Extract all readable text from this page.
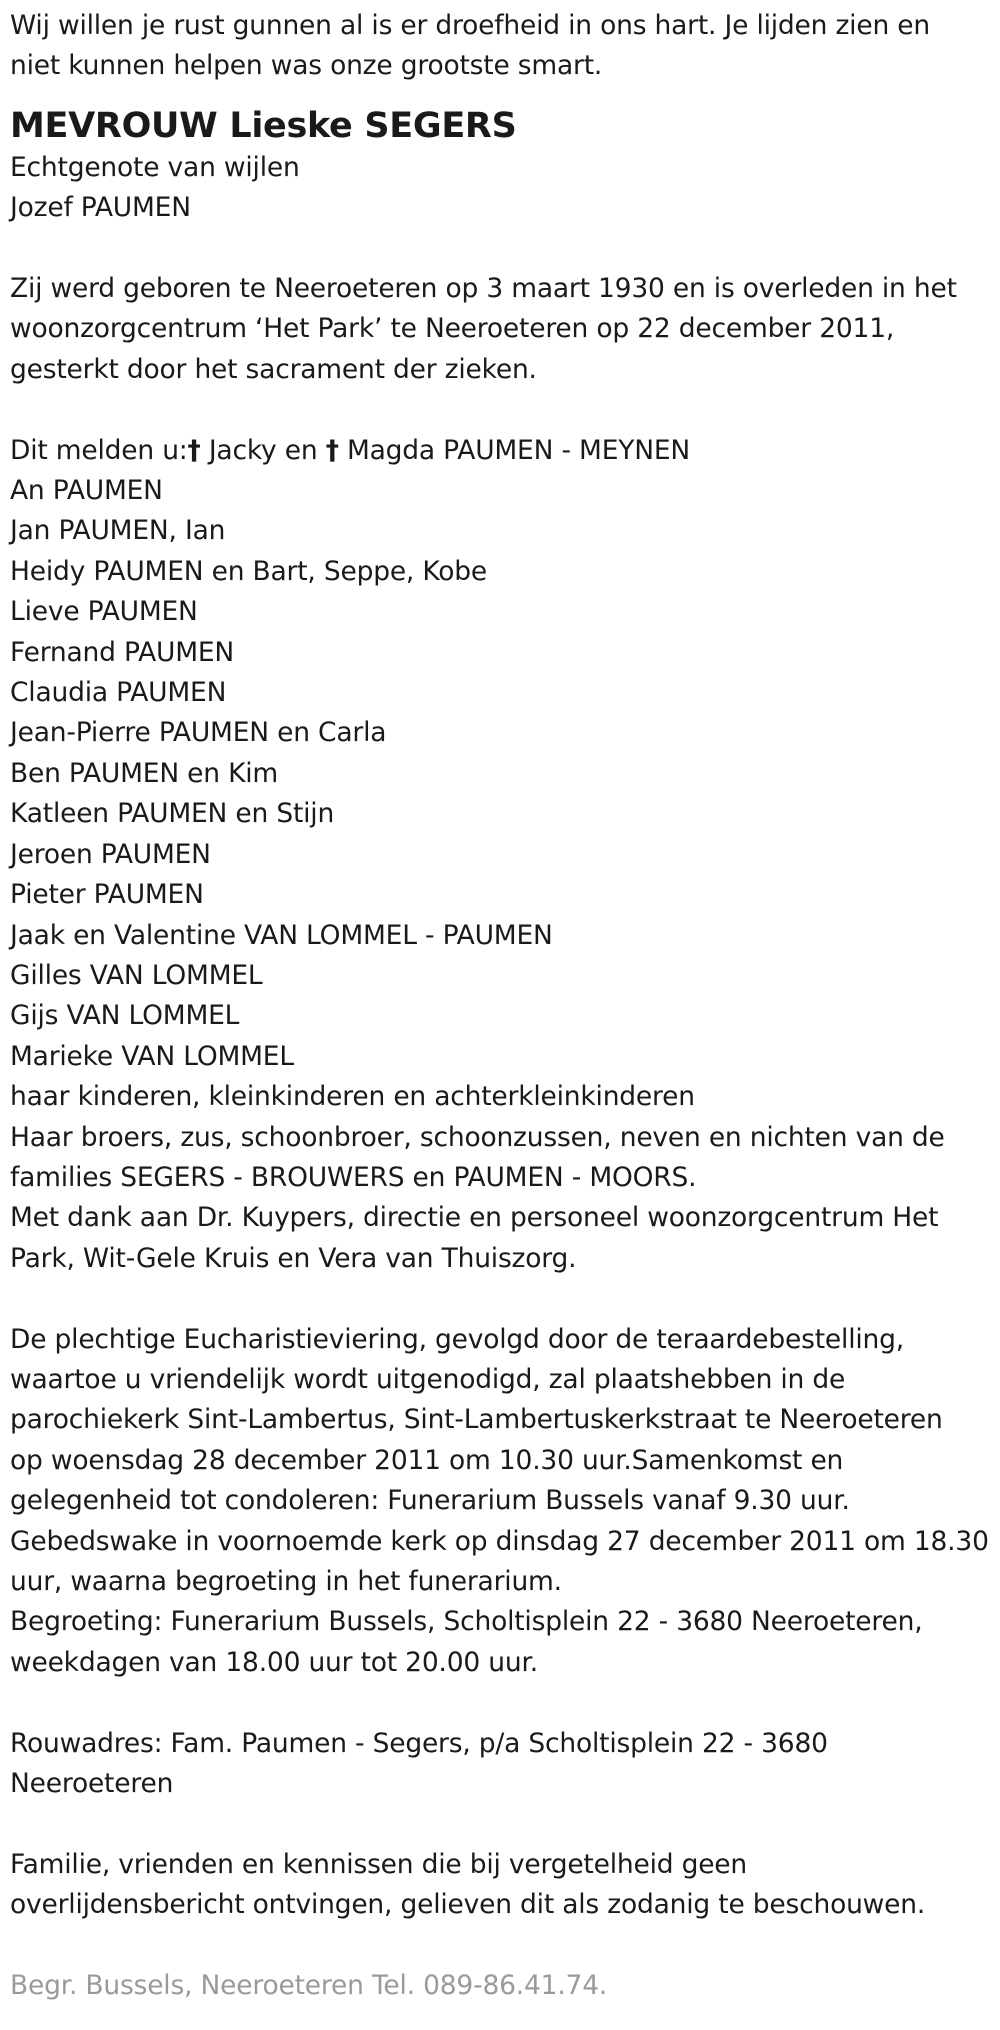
Wij willen je rust gunnen al is er droefheid in ons hart. Je lijden zien en
niet kunnen helpen was onze grootste smart.
MEVROUW Lieske SEGERS
Echtgenote van wijlen
Jozef PAUMEN
Zij werd geboren te Neeroeteren op 3 maart 1930 en is overleden in het
woonzorgcentrum ‘Het Park’ te Neeroeteren op 22 december 2011,
gesterkt door het sacrament der zieken.
Dit melden u:† Jacky en † Magda PAUMEN - MEYNEN
An PAUMEN
Jan PAUMEN, Ian
Heidy PAUMEN en Bart, Seppe, Kobe
Lieve PAUMEN
Fernand PAUMEN
Claudia PAUMEN
Jean-Pierre PAUMEN en Carla
Ben PAUMEN en Kim
Katleen PAUMEN en Stijn
Jeroen PAUMEN
Pieter PAUMEN
Jaak en Valentine VAN LOMMEL - PAUMEN
Gilles VAN LOMMEL
Gijs VAN LOMMEL
Marieke VAN LOMMEL
haar kinderen, kleinkinderen en achterkleinkinderen
Haar broers, zus, schoonbroer, schoonzussen, neven en nichten van de
families SEGERS - BROUWERS en PAUMEN - MOORS.
Met dank aan Dr. Kuypers, directie en personeel woonzorgcentrum Het
Park, Wit-Gele Kruis en Vera van Thuiszorg.
De plechtige Eucharistieviering, gevolgd door de teraardebestelling,
waartoe u vriendelijk wordt uitgenodigd, zal plaatshebben in de
parochiekerk Sint-Lambertus, Sint-Lambertuskerkstraat te Neeroeteren
op woensdag 28 december 2011 om 10.30 uur.Samenkomst en
gelegenheid tot condoleren: Funerarium Bussels vanaf 9.30 uur.
Gebedswake in voornoemde kerk op dinsdag 27 december 2011 om 18.30
uur, waarna begroeting in het funerarium.
Begroeting: Funerarium Bussels, Scholtisplein 22 - 3680 Neeroeteren,
weekdagen van 18.00 uur tot 20.00 uur.
Rouwadres: Fam. Paumen - Segers, p/a Scholtisplein 22 - 3680
Neeroeteren
Familie, vrienden en kennissen die bij vergetelheid geen
overlijdensbericht ontvingen, gelieven dit als zodanig te beschouwen.
Begr. Bussels, Neeroeteren Tel. 089-86.41.74.
